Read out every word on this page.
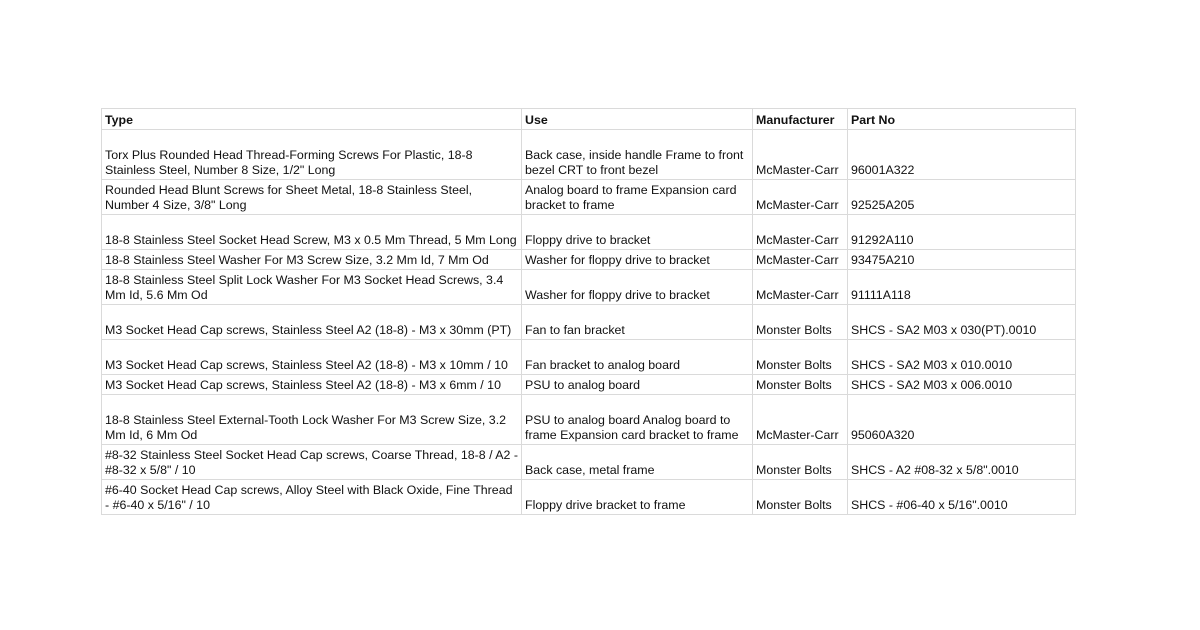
Type	Use	Manufacturer	Part No
Torx Plus Rounded Head Thread-Forming Screws For Plastic, 18-8 Stainless Steel, Number 8 Size, 1/2" Long	Back case, inside handle Frame to front bezel CRT to front bezel	McMaster-Carr	96001A322
Rounded Head Blunt Screws for Sheet Metal, 18-8 Stainless Steel, Number 4 Size, 3/8" Long	Analog board to frame Expansion card bracket to frame	McMaster-Carr	92525A205
18-8 Stainless Steel Socket Head Screw, M3 x 0.5 Mm Thread, 5 Mm Long	Floppy drive to bracket	McMaster-Carr	91292A110
18-8 Stainless Steel Washer For M3 Screw Size, 3.2 Mm Id, 7 Mm Od	Washer for floppy drive to bracket	McMaster-Carr	93475A210
18-8 Stainless Steel Split Lock Washer For M3 Socket Head Screws, 3.4 Mm Id, 5.6 Mm Od	Washer for floppy drive to bracket	McMaster-Carr	91111A118
M3 Socket Head Cap screws, Stainless Steel A2 (18-8) - M3 x 30mm (PT)	Fan to fan bracket	Monster Bolts	SHCS - SA2 M03 x 030(PT).0010
M3 Socket Head Cap screws, Stainless Steel A2 (18-8) - M3 x 10mm / 10	Fan bracket to analog board	Monster Bolts	SHCS - SA2 M03 x 010.0010
M3 Socket Head Cap screws, Stainless Steel A2 (18-8) - M3 x 6mm / 10	PSU to analog board	Monster Bolts	SHCS - SA2 M03 x 006.0010
18-8 Stainless Steel External-Tooth Lock Washer For M3 Screw Size, 3.2 Mm Id, 6 Mm Od	PSU to analog board Analog board to frame Expansion card bracket to frame	McMaster-Carr	95060A320
#8-32 Stainless Steel Socket Head Cap screws, Coarse Thread, 18-8 / A2 - #8-32 x 5/8" / 10	Back case, metal frame	Monster Bolts	SHCS - A2 #08-32 x 5/8".0010
#6-40 Socket Head Cap screws, Alloy Steel with Black Oxide, Fine Thread - #6-40 x 5/16" / 10	Floppy drive bracket to frame	Monster Bolts	SHCS - #06-40 x 5/16".0010
